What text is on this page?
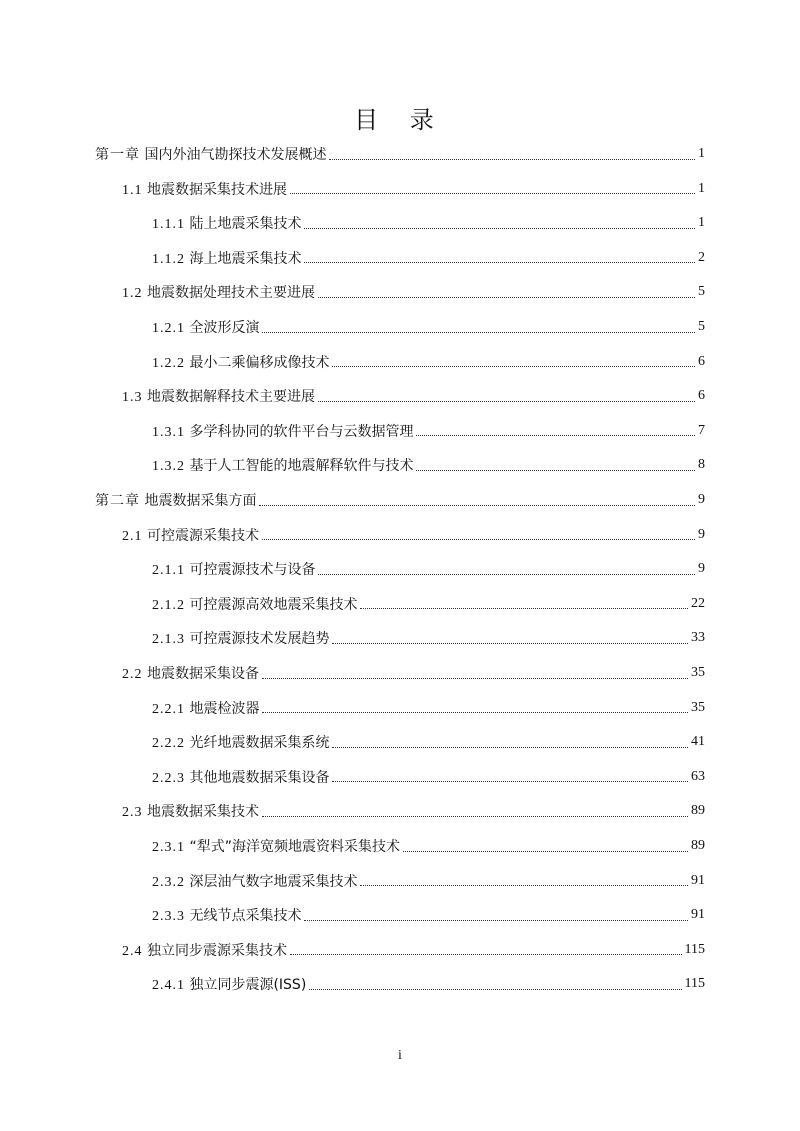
目 录
第一章 国内外油气勘探技术发展概述	1
1.1 地震数据采集技术进展	1
1.1.1 陆上地震采集技术	1
1.1.2 海上地震采集技术	2
1.2 地震数据处理技术主要进展	5
1.2.1 全波形反演	5
1.2.2 最小二乘偏移成像技术	6
1.3 地震数据解释技术主要进展	6
1.3.1 多学科协同的软件平台与云数据管理	7
1.3.2 基于人工智能的地震解释软件与技术	8
第二章 地震数据采集方面	9
2.1 可控震源采集技术	9
2.1.1 可控震源技术与设备	9
2.1.2 可控震源高效地震采集技术	22
2.1.3 可控震源技术发展趋势	33
2.2 地震数据采集设备	35
2.2.1 地震检波器	35
2.2.2 光纤地震数据采集系统	41
2.2.3 其他地震数据采集设备	63
2.3 地震数据采集技术	89
2.3.1 “犁式”海洋宽频地震资料采集技术	89
2.3.2 深层油气数字地震采集技术	91
2.3.3 无线节点采集技术	91
2.4 独立同步震源采集技术	115
2.4.1 独立同步震源(ISS)	115
i
